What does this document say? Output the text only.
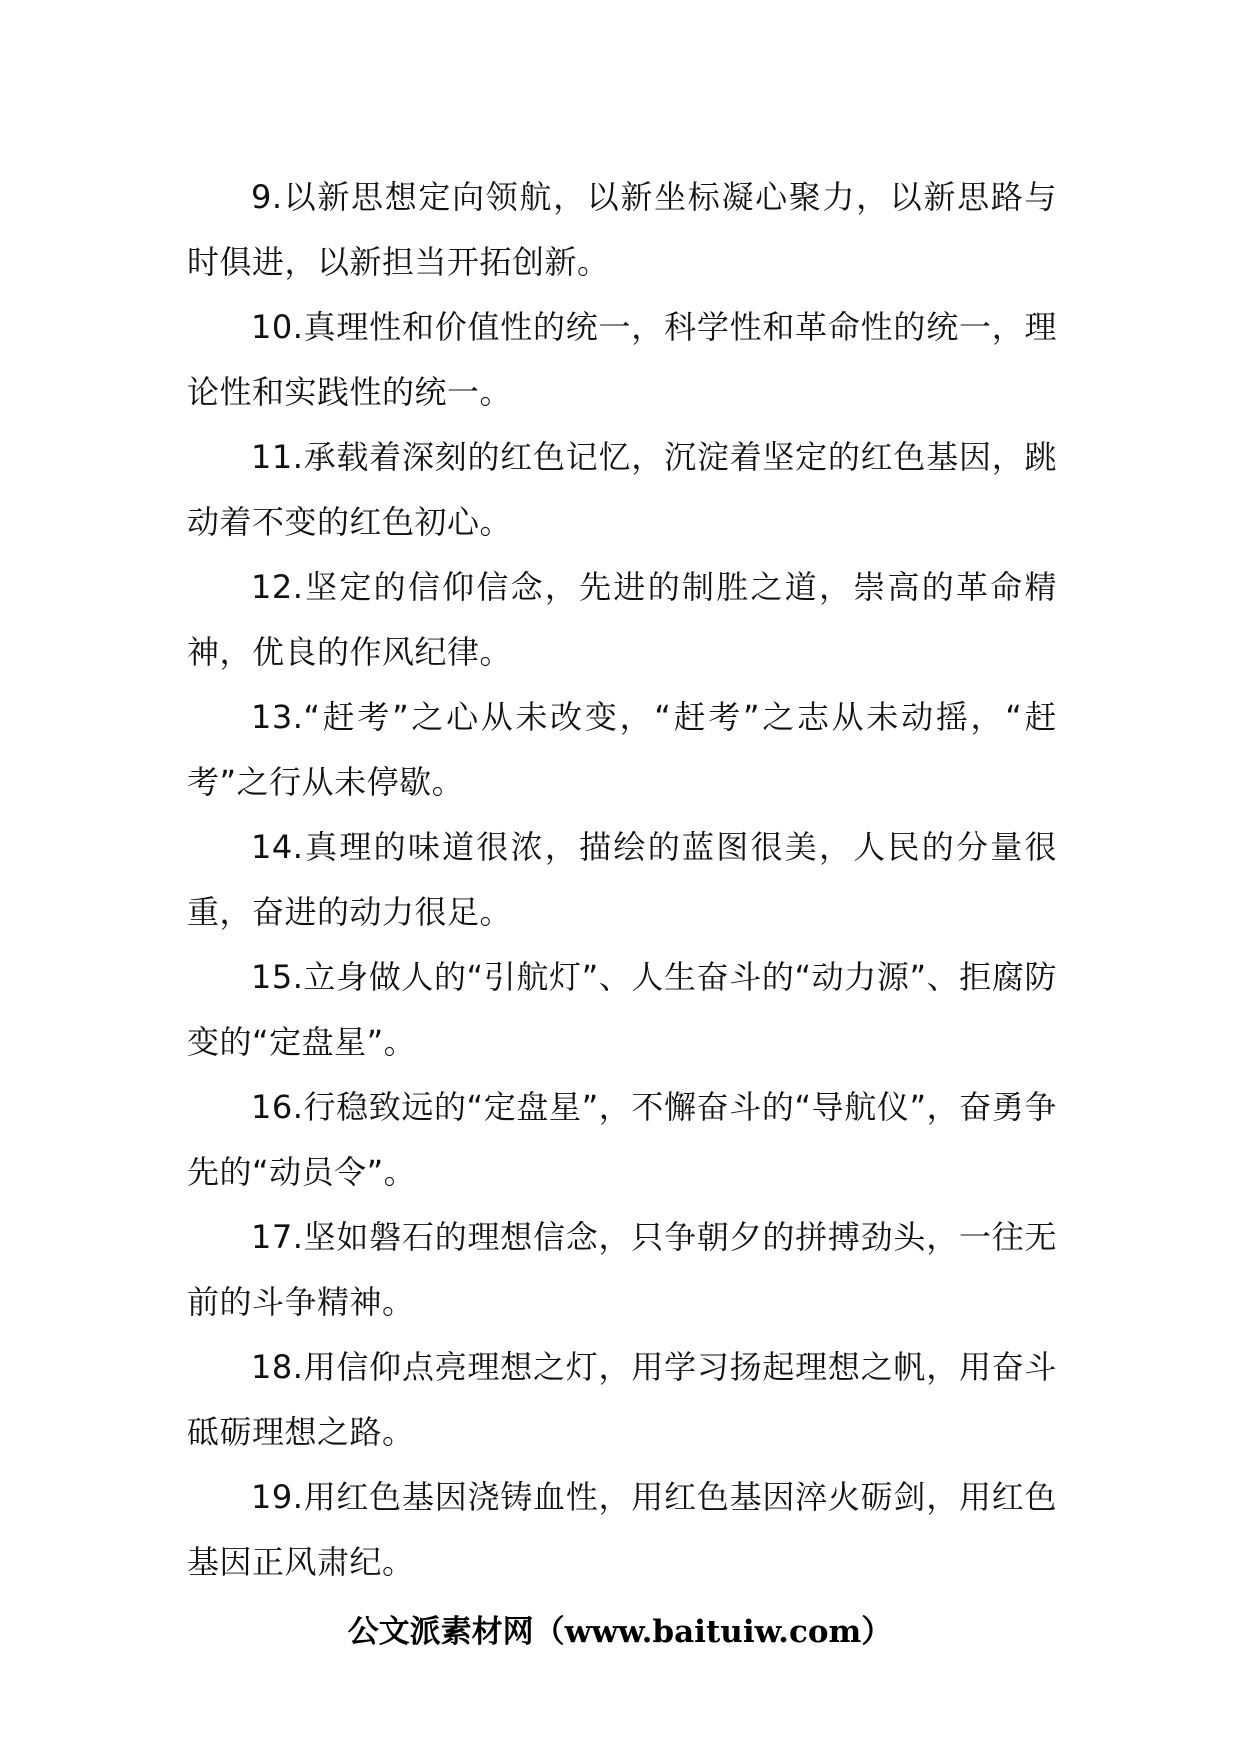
9.以新思想定向领航，以新坐标凝心聚力，以新思路与时俱进，以新担当开拓创新。

10.真理性和价值性的统一，科学性和革命性的统一，理论性和实践性的统一。

11.承载着深刻的红色记忆，沉淀着坚定的红色基因，跳动着不变的红色初心。

12.坚定的信仰信念，先进的制胜之道，崇高的革命精神，优良的作风纪律。

13.“赶考”之心从未改变，“赶考”之志从未动摇，“赶考”之行从未停歇。

14.真理的味道很浓，描绘的蓝图很美，人民的分量很重，奋进的动力很足。

15.立身做人的“引航灯”、人生奋斗的“动力源”、拒腐防变的“定盘星”。

16.行稳致远的“定盘星”，不懈奋斗的“导航仪”，奋勇争先的“动员令”。

17.坚如磐石的理想信念，只争朝夕的拼搏劲头，一往无前的斗争精神。

18.用信仰点亮理想之灯，用学习扬起理想之帆，用奋斗砥砺理想之路。

19.用红色基因浇铸血性，用红色基因淬火砺剑，用红色基因正风肃纪。

公文派素材网（www.baituiw.com）
